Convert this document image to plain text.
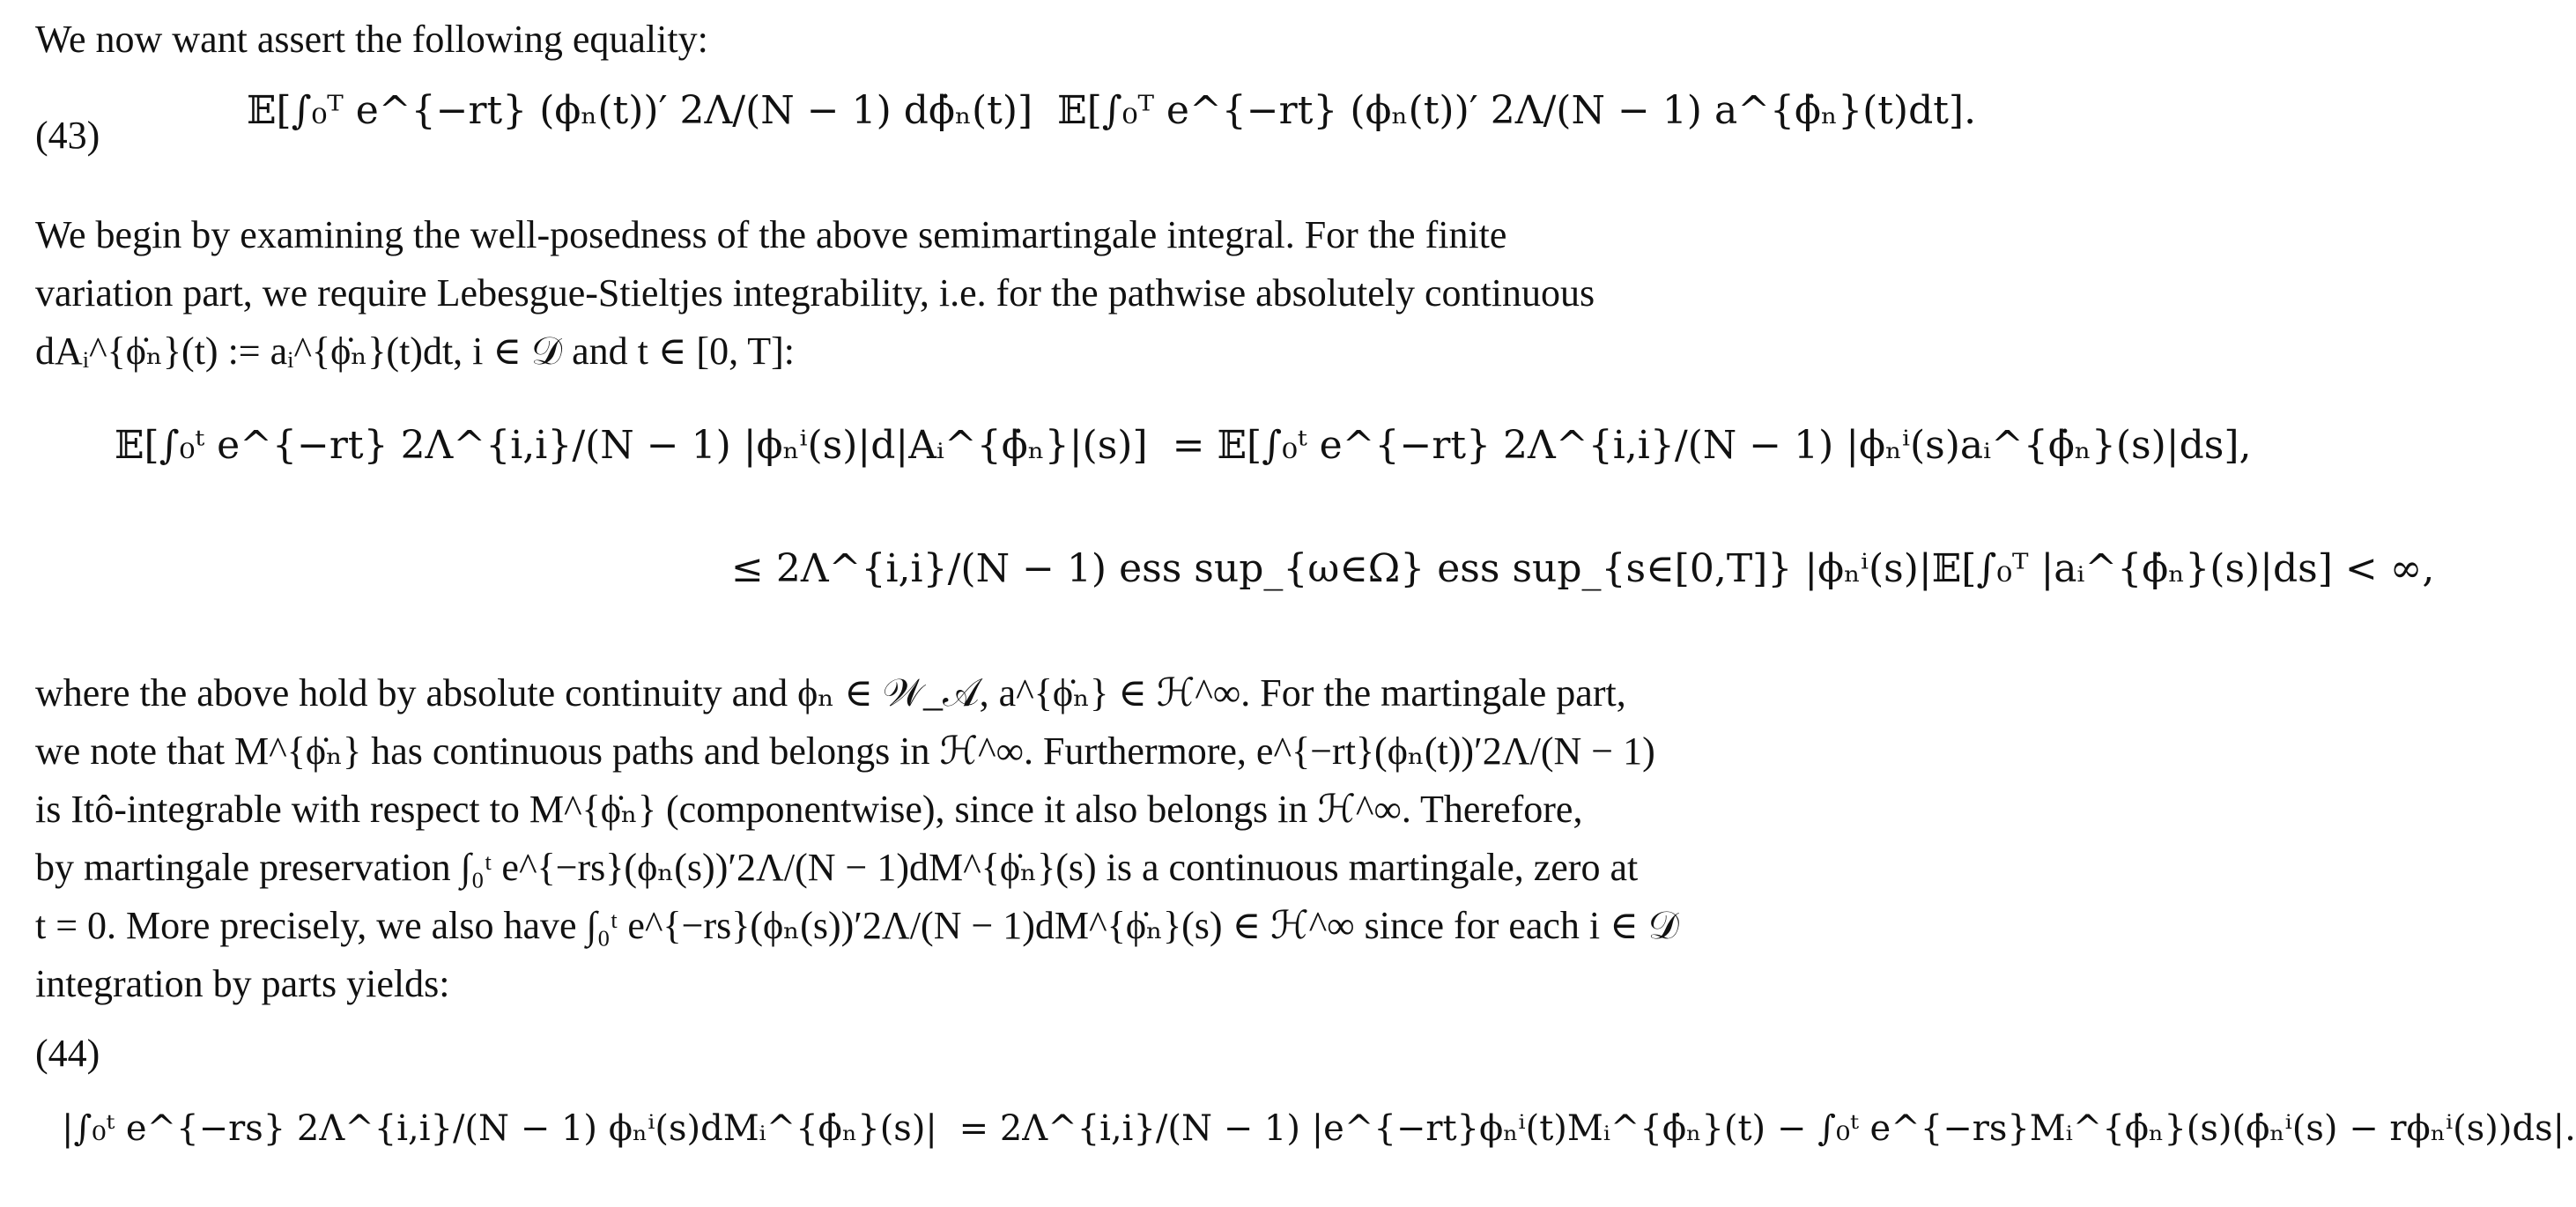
We now want assert the following equality:
(43)
𝔼[∫₀ᵀ e^{−rt} (ϕₙ(t))′ 2Λ/(N − 1) dϕ̇ₙ(t)] 𝔼[∫₀ᵀ e^{−rt} (ϕₙ(t))′ 2Λ/(N − 1) a^{ϕ̇ₙ}(t)dt].
We begin by examining the well-posedness of the above semimartingale integral. For the finite
variation part, we require Lebesgue-Stieltjes integrability, i.e. for the pathwise absolutely continuous
dAᵢ^{ϕ̇ₙ}(t) := aᵢ^{ϕ̇ₙ}(t)dt, i ∈ 𝒟 and t ∈ [0, T]:
𝔼[∫₀ᵗ e^{−rt} 2Λ^{i,i}/(N − 1) |ϕₙⁱ(s)|d|Aᵢ^{ϕ̇ₙ}|(s)] = 𝔼[∫₀ᵗ e^{−rt} 2Λ^{i,i}/(N − 1) |ϕₙⁱ(s)aᵢ^{ϕ̇ₙ}(s)|ds],
≤ 2Λ^{i,i}/(N − 1) ess sup_{ω∈Ω} ess sup_{s∈[0,T]} |ϕₙⁱ(s)|𝔼[∫₀ᵀ |aᵢ^{ϕ̇ₙ}(s)|ds] < ∞,
where the above hold by absolute continuity and ϕₙ ∈ 𝒲_𝒜, a^{ϕ̇ₙ} ∈ ℋ^∞. For the martingale part,
we note that M^{ϕ̇ₙ} has continuous paths and belongs in ℋ^∞. Furthermore, e^{−rt}(ϕₙ(t))′2Λ/(N − 1)
is Itô-integrable with respect to M^{ϕ̇ₙ} (componentwise), since it also belongs in ℋ^∞. Therefore,
by martingale preservation ∫₀ᵗ e^{−rs}(ϕₙ(s))′2Λ/(N − 1)dM^{ϕ̇ₙ}(s) is a continuous martingale, zero at
t = 0. More precisely, we also have ∫₀ᵗ e^{−rs}(ϕₙ(s))′2Λ/(N − 1)dM^{ϕ̇ₙ}(s) ∈ ℋ^∞ since for each i ∈ 𝒟
integration by parts yields:
(44)
|∫₀ᵗ e^{−rs} 2Λ^{i,i}/(N − 1) ϕₙⁱ(s)dMᵢ^{ϕ̇ₙ}(s)| = 2Λ^{i,i}/(N − 1) |e^{−rt}ϕₙⁱ(t)Mᵢ^{ϕ̇ₙ}(t) − ∫₀ᵗ e^{−rs}Mᵢ^{ϕ̇ₙ}(s)(ϕ̇ₙⁱ(s) − rϕₙⁱ(s))ds|.
